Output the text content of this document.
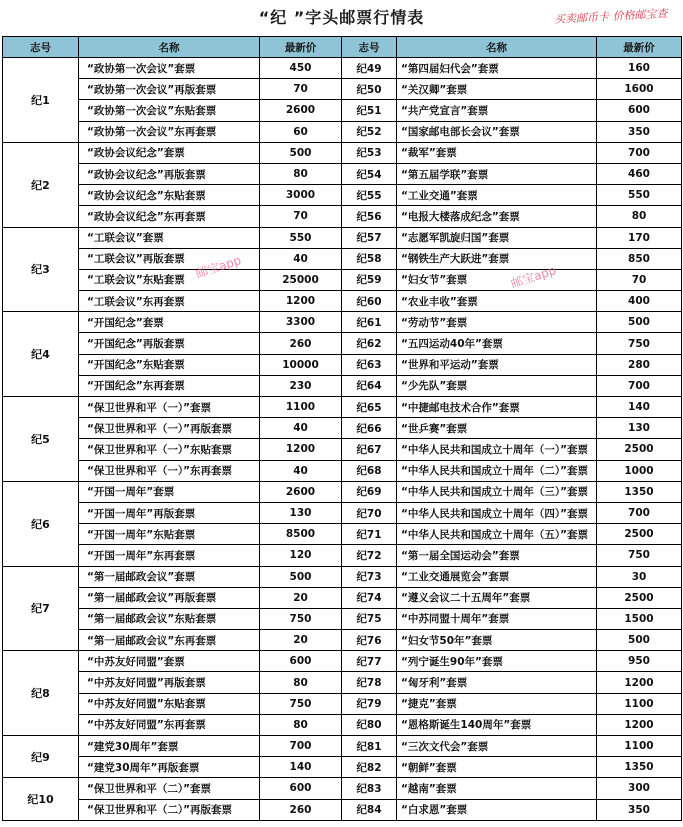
“纪 ”字头邮票行情表	买卖邮币卡 价格邮宝查
志号	名称	最新价	志号	名称	最新价
纪1	“政协第一次会议”套票	450	纪49	“第四届妇代会”套票	160
	“政协第一次会议”再版套票	70	纪50	“关汉卿”套票	1600
	“政协第一次会议”东贴套票	2600	纪51	“共产党宣言”套票	600
	“政协第一次会议”东再套票	60	纪52	“国家邮电部长会议”套票	350
纪2	“政协会议纪念”套票	500	纪53	“裁军”套票	700
	“政协会议纪念”再版套票	80	纪54	“第五届学联”套票	460
	“政协会议纪念”东贴套票	3000	纪55	“工业交通”套票	550
	“政协会议纪念”东再套票	70	纪56	“电报大楼落成纪念”套票	80
纪3	“工联会议”套票	550	纪57	“志愿军凯旋归国”套票	170
	“工联会议”再版套票	40	纪58	“钢铁生产大跃进”套票	850
	“工联会议”东贴套票	25000	纪59	“妇女节”套票	70
	“工联会议”东再套票	1200	纪60	“农业丰收”套票	400
纪4	“开国纪念”套票	3300	纪61	“劳动节”套票	500
	“开国纪念”再版套票	260	纪62	“五四运动40年”套票	750
	“开国纪念”东贴套票	10000	纪63	“世界和平运动”套票	280
	“开国纪念”东再套票	230	纪64	“少先队”套票	700
纪5	“保卫世界和平（一）”套票	1100	纪65	“中捷邮电技术合作”套票	140
	“保卫世界和平（一）”再版套票	40	纪66	“世乒赛”套票	130
	“保卫世界和平（一）”东贴套票	1200	纪67	“中华人民共和国成立十周年（一）”套票	2500
	“保卫世界和平（一）”东再套票	40	纪68	“中华人民共和国成立十周年（二）”套票	1000
纪6	“开国一周年”套票	2600	纪69	“中华人民共和国成立十周年（三）”套票	1350
	“开国一周年”再版套票	130	纪70	“中华人民共和国成立十周年（四）”套票	700
	“开国一周年”东贴套票	8500	纪71	“中华人民共和国成立十周年（五）”套票	2500
	“开国一周年”东再套票	120	纪72	“第一届全国运动会”套票	750
纪7	“第一届邮政会议”套票	500	纪73	“工业交通展览会”套票	30
	“第一届邮政会议”再版套票	20	纪74	“遵义会议二十五周年”套票	2500
	“第一届邮政会议”东贴套票	750	纪75	“中苏同盟十周年”套票	1500
	“第一届邮政会议”东再套票	20	纪76	“妇女节50年”套票	500
纪8	“中苏友好同盟”套票	600	纪77	“列宁诞生90年”套票	950
	“中苏友好同盟”再版套票	80	纪78	“匈牙利”套票	1200
	“中苏友好同盟”东贴套票	750	纪79	“捷克”套票	1100
	“中苏友好同盟”东再套票	80	纪80	“恩格斯诞生140周年”套票	1200
纪9	“建党30周年”套票	700	纪81	“三次文代会”套票	1100
	“建党30周年”再版套票	140	纪82	“朝鲜”套票	1350
纪10	“保卫世界和平（二）”套票	600	纪83	“越南”套票	300
	“保卫世界和平（二）”再版套票	260	纪84	“白求恩”套票	350
邮宝app	邮宝app
